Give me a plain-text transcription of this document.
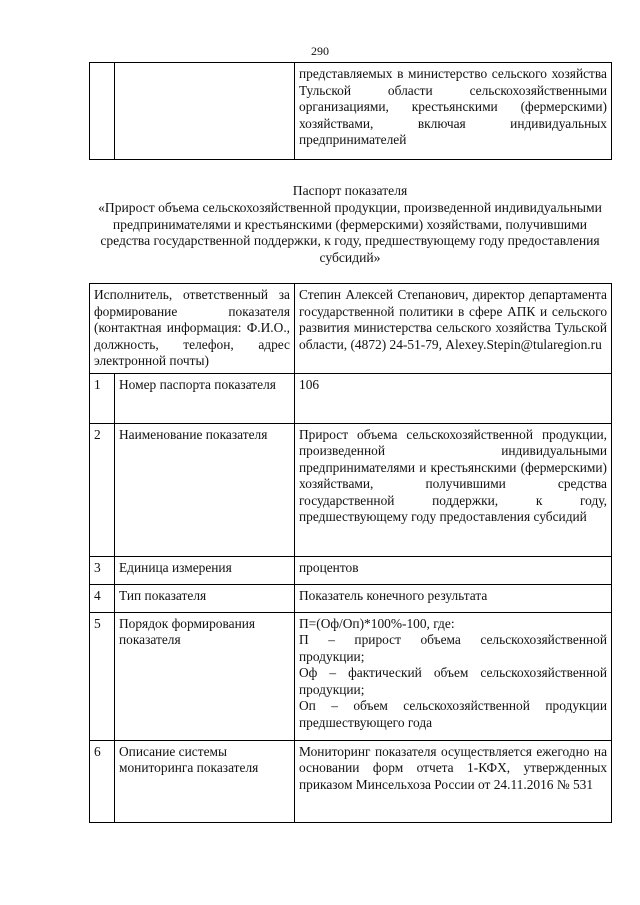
290
		представляемых в министерство сельского хозяйства Тульской области сельскохозяйственными организациями, крестьянскими (фермерскими) хозяйствами, включая индивидуальных предпринимателей
Паспорт показателя
«Прирост объема сельскохозяйственной продукции, произведенной индивидуальными предпринимателями и крестьянскими (фермерскими) хозяйствами, получившими средства государственной поддержки, к году, предшествующему году предоставления субсидий»
Исполнитель, ответственный за формирование показателя (контактная информация: Ф.И.О., должность, телефон, адрес электронной почты)		Степин Алексей Степанович, директор департамента государственной политики в сфере АПК и сельского развития министерства сельского хозяйства Тульской области, (4872) 24-51-79, Alexey.Stepin@tularegion.ru
1	Номер паспорта показателя	106
2	Наименование показателя	Прирост объема сельскохозяйственной продукции, произведенной индивидуальными предпринимателями и крестьянскими (фермерскими) хозяйствами, получившими средства государственной поддержки, к году, предшествующему году предоставления субсидий
3	Единица измерения	процентов
4	Тип показателя	Показатель конечного результата
5	Порядок формирования показателя	П=(Оф/Оп)*100%-100, где:
П – прирост объема сельскохозяйственной продукции;
Оф – фактический объем сельскохозяйственной продукции;
Оп – объем сельскохозяйственной продукции предшествующего года

6	Описание системы мониторинга показателя	Мониторинг показателя осуществляется ежегодно на основании форм отчета 1-КФХ, утвержденных приказом Минсельхоза России от 24.11.2016 № 531
